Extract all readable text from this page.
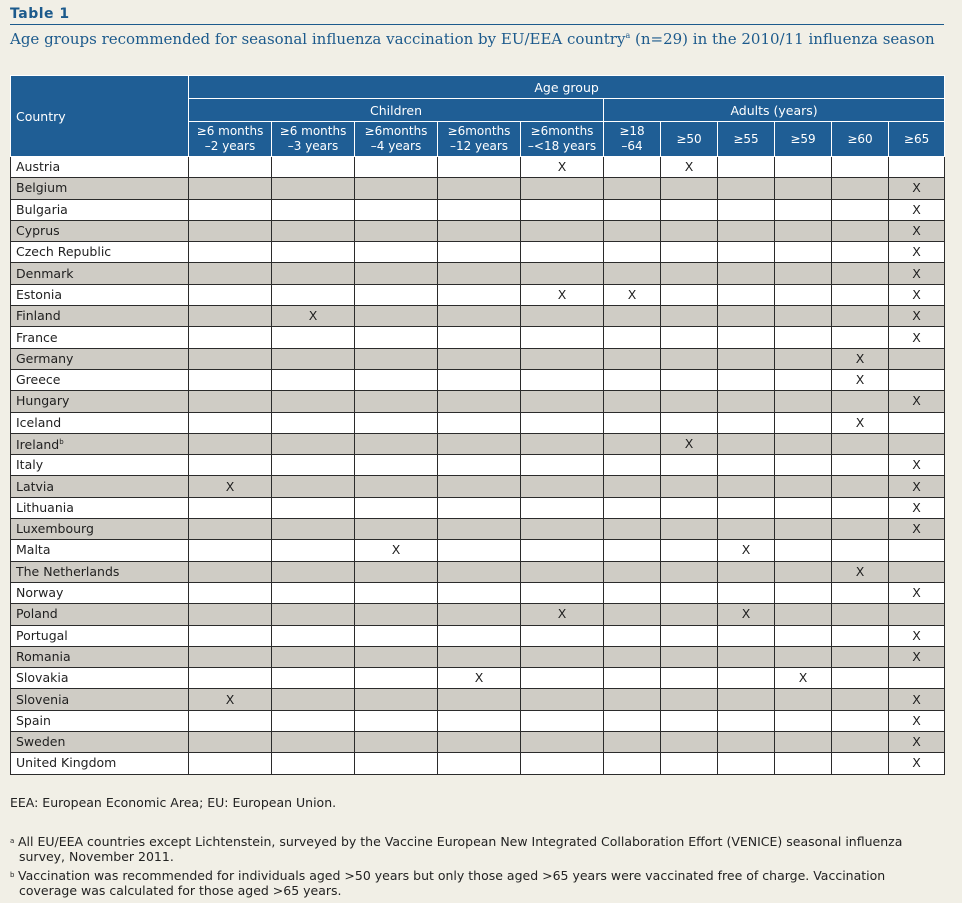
Table 1
Age groups recommended for seasonal influenza vaccination by EU/EEA country$^a$ (n=29) in the 2010/11 influenza season
Country	Age group										
	Children					Adults (years)					
	≥6 months
–2 years	≥6 months
–3 years	≥6months
–4 years	≥6months
–12 years	≥6months
–<18 years	≥18
–64	≥50	≥55	≥59	≥60	≥65
Austria					X		X				
Belgium											X
Bulgaria											X
Cyprus											X
Czech Republic											X
Denmark											X
Estonia					X	X					X
Finland		X									X
France											X
Germany										X	
Greece										X	
Hungary											X
Iceland										X	
Ireland$^b$							X				
Italy											X
Latvia	X										X
Lithuania											X
Luxembourg											X
Malta			X					X			
The Netherlands										X	
Norway											X
Poland					X			X			
Portugal											X
Romania											X
Slovakia				X					X		
Slovenia	X										X
Spain											X
Sweden											X
United Kingdom											X
EEA: European Economic Area; EU: European Union.
a All EU/EEA countries except Lichtenstein, surveyed by the Vaccine European New Integrated Collaboration Effort (VENICE) seasonal influenza
survey, November 2011.
b Vaccination was recommended for individuals aged >50 years but only those aged >65 years were vaccinated free of charge. Vaccination
coverage was calculated for those aged >65 years.
